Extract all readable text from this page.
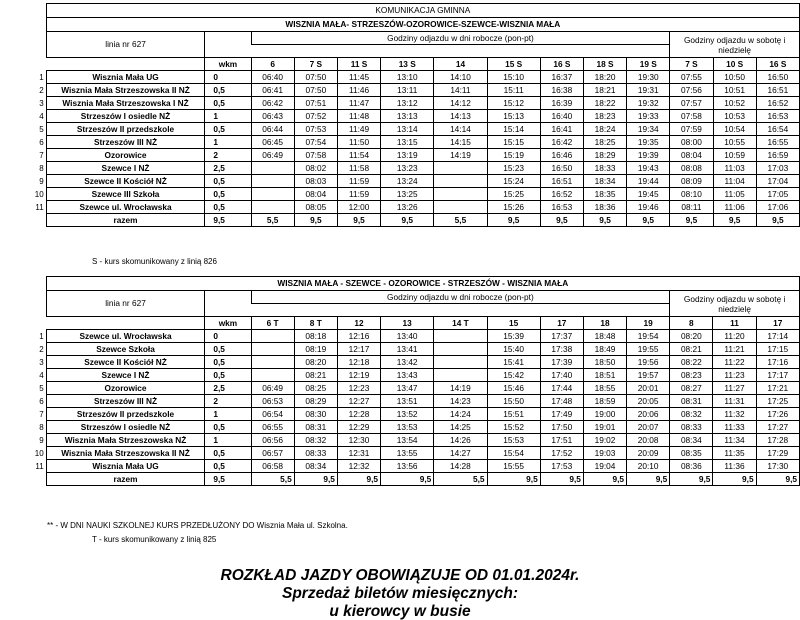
	KOMUNIKACJA GMINNA													
	WISZNIA MAŁA- STRZESZÓW-OZOROWICE-SZEWCE-WISZNIA MAŁA													
	linia nr 627		Godziny odjazdu w dni robocze (pon-pt)									Godziny odjazdu w sobotę i niedzielę		

		wkm	6	7 S	11 S	13 S	14	15 S	16 S	18 S	19 S	7 S	10 S	16 S
1	Wisznia Mała UG	0	06:40	07:50	11:45	13:10	14:10	15:10	16:37	18:20	19:30	07:55	10:50	16:50
2	Wisznia Mała Strzeszowska II NŻ	0,5	06:41	07:50	11:46	13:11	14:11	15:11	16:38	18:21	19:31	07:56	10:51	16:51
3	Wisznia Mała Strzeszowska I NŻ	0,5	06:42	07:51	11:47	13:12	14:12	15:12	16:39	18:22	19:32	07:57	10:52	16:52
4	Strzeszów I osiedle NŻ	1	06:43	07:52	11:48	13:13	14:13	15:13	16:40	18:23	19:33	07:58	10:53	16:53
5	Strzeszów II przedszkole	0,5	06:44	07:53	11:49	13:14	14:14	15:14	16:41	18:24	19:34	07:59	10:54	16:54
6	Strzeszów III NŻ	1	06:45	07:54	11:50	13:15	14:15	15:15	16:42	18:25	19:35	08:00	10:55	16:55
7	Ozorowice	2	06:49	07:58	11:54	13:19	14:19	15:19	16:46	18:29	19:39	08:04	10:59	16:59
8	Szewce I NŻ	2,5		08:02	11:58	13:23		15:23	16:50	18:33	19:43	08:08	11:03	17:03
9	Szewce II Kościół NŻ	0,5		08:03	11:59	13:24		15:24	16:51	18:34	19:44	08:09	11:04	17:04
10	Szewce III Szkoła	0,5		08:04	11:59	13:25		15:25	16:52	18:35	19:45	08:10	11:05	17:05
11	Szewce ul. Wrocławska	0,5		08:05	12:00	13:26		15:26	16:53	18:36	19:46	08:11	11:06	17:06
	razem	9,5	5,5	9,5	9,5	9,5	5,5	9,5	9,5	9,5	9,5	9,5	9,5	9,5
S - kurs skomunikowany z linią 826
	WISZNIA MAŁA - SZEWCE - OZOROWICE - STRZESZÓW - WISZNIA MAŁA													
	linia nr 627		Godziny odjazdu w dni robocze (pon-pt)									Godziny odjazdu w sobotę i niedzielę		

		wkm	6 T	8 T	12	13	14 T	15	17	18	19	8	11	17
1	Szewce ul. Wrocławska	0		08:18	12:16	13:40		15:39	17:37	18:48	19:54	08:20	11:20	17:14
2	Szewce Szkoła	0,5		08:19	12:17	13:41		15:40	17:38	18:49	19:55	08:21	11:21	17:15
3	Szewce II Kościół NŻ	0,5		08:20	12:18	13:42		15:41	17:39	18:50	19:56	08:22	11:22	17:16
4	Szewce I NŻ	0,5		08:21	12:19	13:43		15:42	17:40	18:51	19:57	08:23	11:23	17:17
5	Ozorowice	2,5	06:49	08:25	12:23	13:47	14:19	15:46	17:44	18:55	20:01	08:27	11:27	17:21
6	Strzeszów III NŻ	2	06:53	08:29	12:27	13:51	14:23	15:50	17:48	18:59	20:05	08:31	11:31	17:25
7	Strzeszów II przedszkole	1	06:54	08:30	12:28	13:52	14:24	15:51	17:49	19:00	20:06	08:32	11:32	17:26
8	Strzeszów I osiedle NŻ	0,5	06:55	08:31	12:29	13:53	14:25	15:52	17:50	19:01	20:07	08:33	11:33	17:27
9	Wisznia Mała Strzeszowska NŻ	1	06:56	08:32	12:30	13:54	14:26	15:53	17:51	19:02	20:08	08:34	11:34	17:28
10	Wisznia Mała Strzeszowska II NŻ	0,5	06:57	08:33	12:31	13:55	14:27	15:54	17:52	19:03	20:09	08:35	11:35	17:29
11	Wisznia Mała UG	0,5	06:58	08:34	12:32	13:56	14:28	15:55	17:53	19:04	20:10	08:36	11:36	17:30
	razem	9,5	5,5	9,5	9,5	9,5	5,5	9,5	9,5	9,5	9,5	9,5	9,5	9,5
** - W DNI NAUKI SZKOLNEJ KURS PRZEDŁUŻONY DO Wisznia Mała ul. Szkolna.
T - kurs skomunikowany z linią 825
ROZKŁAD JAZDY OBOWIĄZUJE OD 01.01.2024r.
Sprzedaż biletów miesięcznych:
u kierowcy w busie
